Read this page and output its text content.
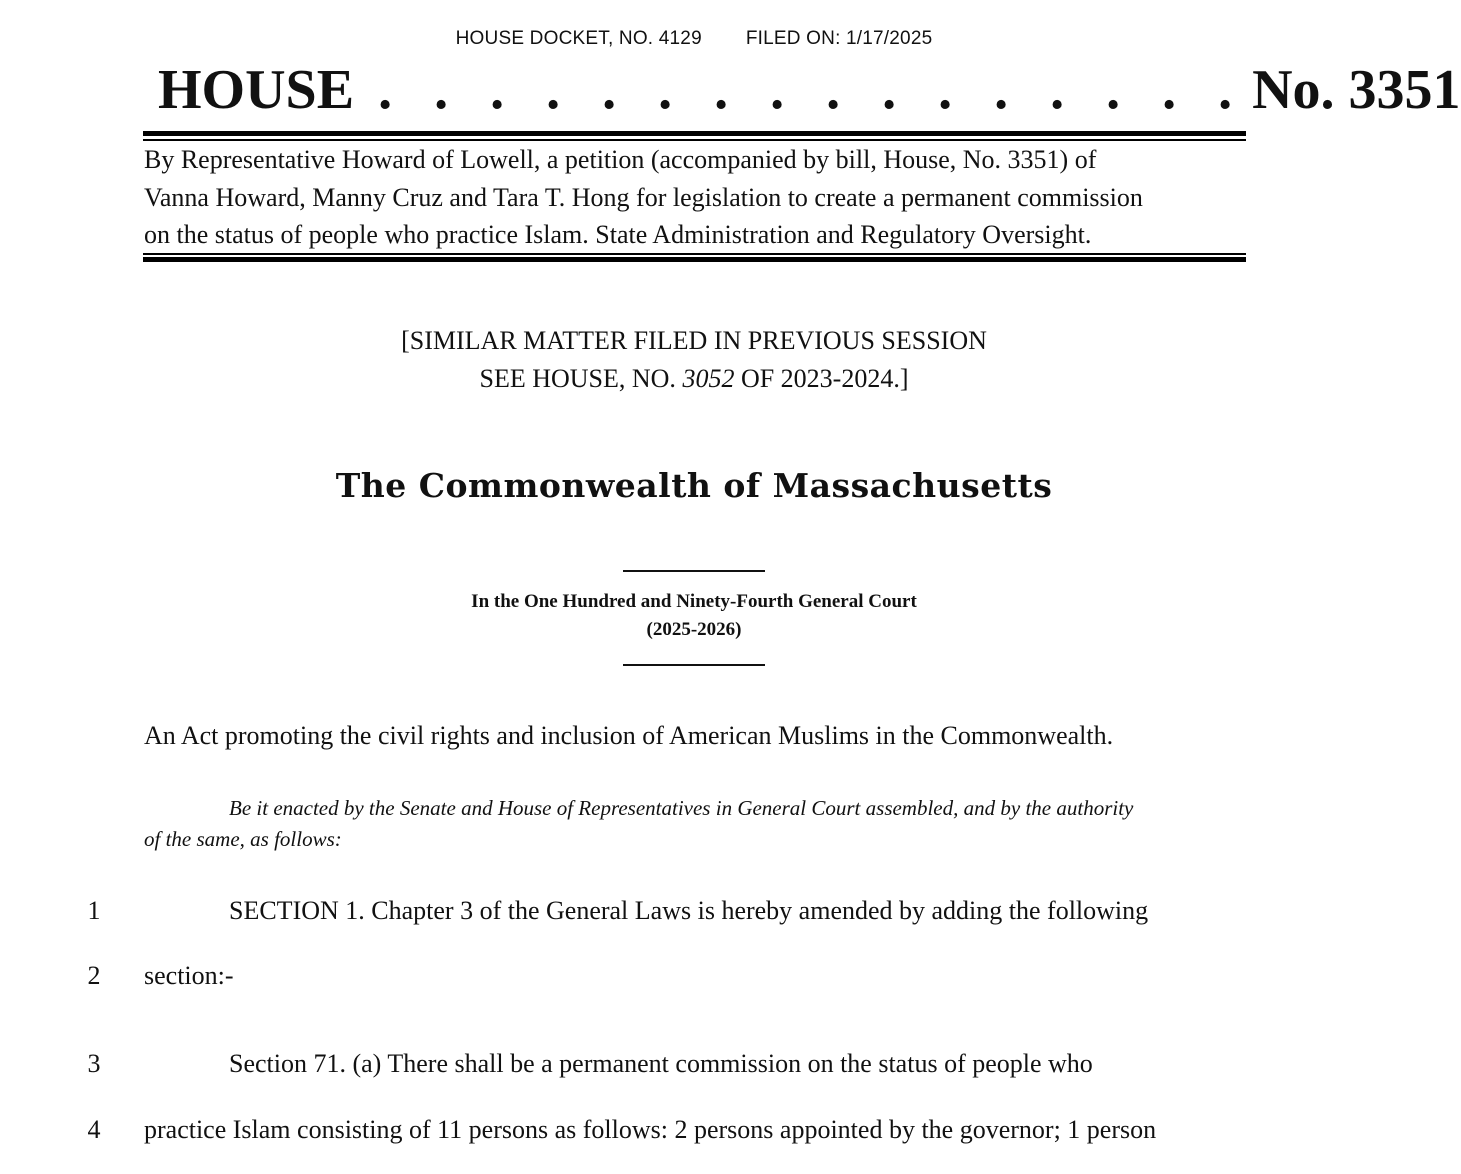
HOUSE DOCKET, NO. 4129 FILED ON: 1/17/2025
HOUSE . . . . . . . . . . . . . . . . No. 3351
By Representative Howard of Lowell, a petition (accompanied by bill, House, No. 3351) of
Vanna Howard, Manny Cruz and Tara T. Hong for legislation to create a permanent commission
on the status of people who practice Islam. State Administration and Regulatory Oversight.
[SIMILAR MATTER FILED IN PREVIOUS SESSION
SEE HOUSE, NO. 3052 OF 2023-2024.]
The Commonwealth of Massachusetts
In the One Hundred and Ninety-Fourth General Court
(2025-2026)
An Act promoting the civil rights and inclusion of American Muslims in the Commonwealth.
Be it enacted by the Senate and House of Representatives in General Court assembled, and by the authority
of the same, as follows:
1	SECTION 1. Chapter 3 of the General Laws is hereby amended by adding the following
2	section:-
3	Section 71. (a) There shall be a permanent commission on the status of people who
4	practice Islam consisting of 11 persons as follows: 2 persons appointed by the governor; 1 person
